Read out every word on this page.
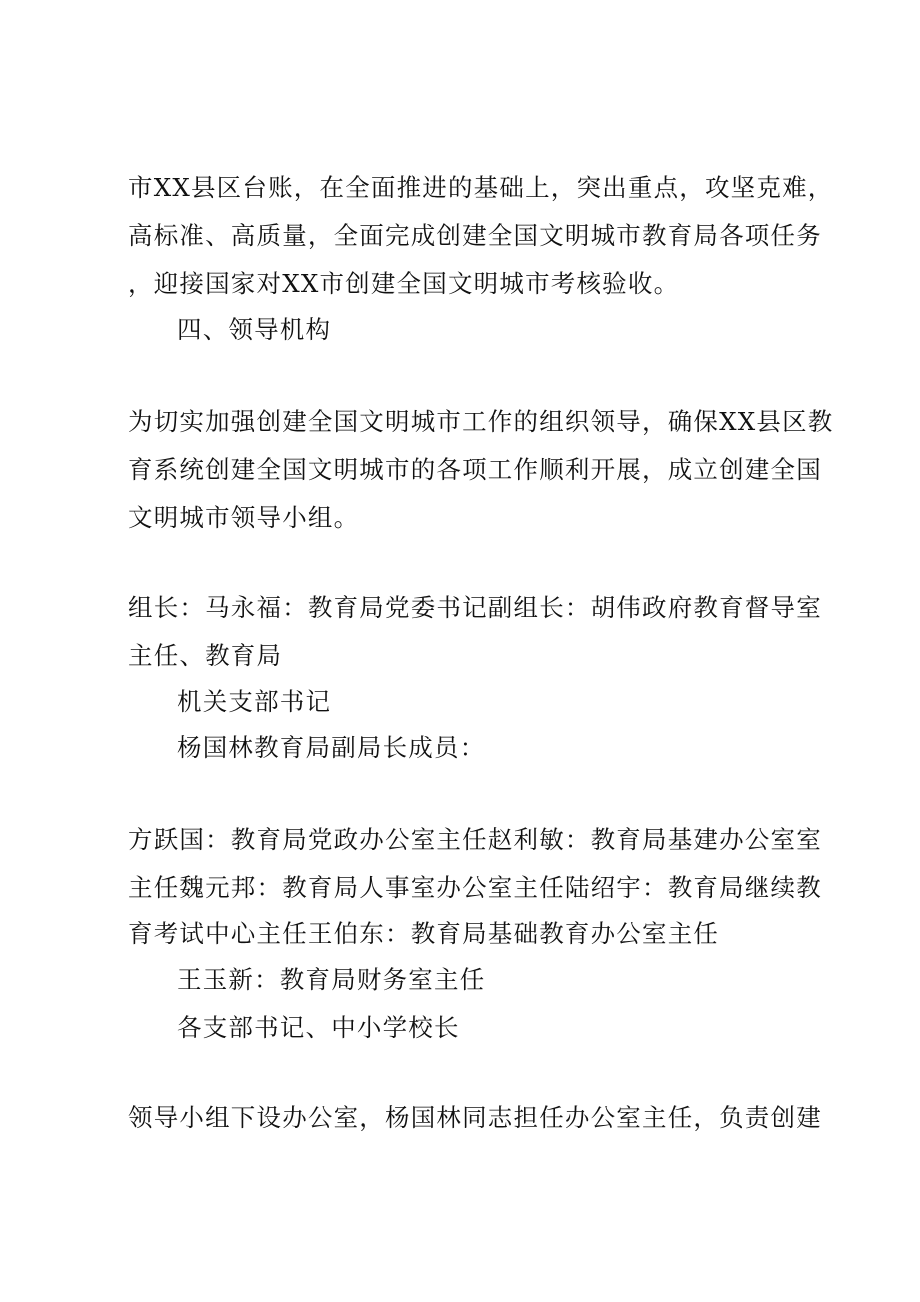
市XX县区台账，在全面推进的基础上，突出重点，攻坚克难，
高标准、高质量，全面完成创建全国文明城市教育局各项任务
，迎接国家对XX市创建全国文明城市考核验收。
四、领导机构
为切实加强创建全国文明城市工作的组织领导，确保XX县区教
育系统创建全国文明城市的各项工作顺利开展，成立创建全国
文明城市领导小组。
组长：马永福：教育局党委书记副组长：胡伟政府教育督导室
主任、教育局
机关支部书记
杨国林教育局副局长成员：
方跃国：教育局党政办公室主任赵利敏：教育局基建办公室室
主任魏元邦：教育局人事室办公室主任陆绍宇：教育局继续教
育考试中心主任王伯东：教育局基础教育办公室主任
王玉新：教育局财务室主任
各支部书记、中小学校长
领导小组下设办公室，杨国林同志担任办公室主任，负责创建
